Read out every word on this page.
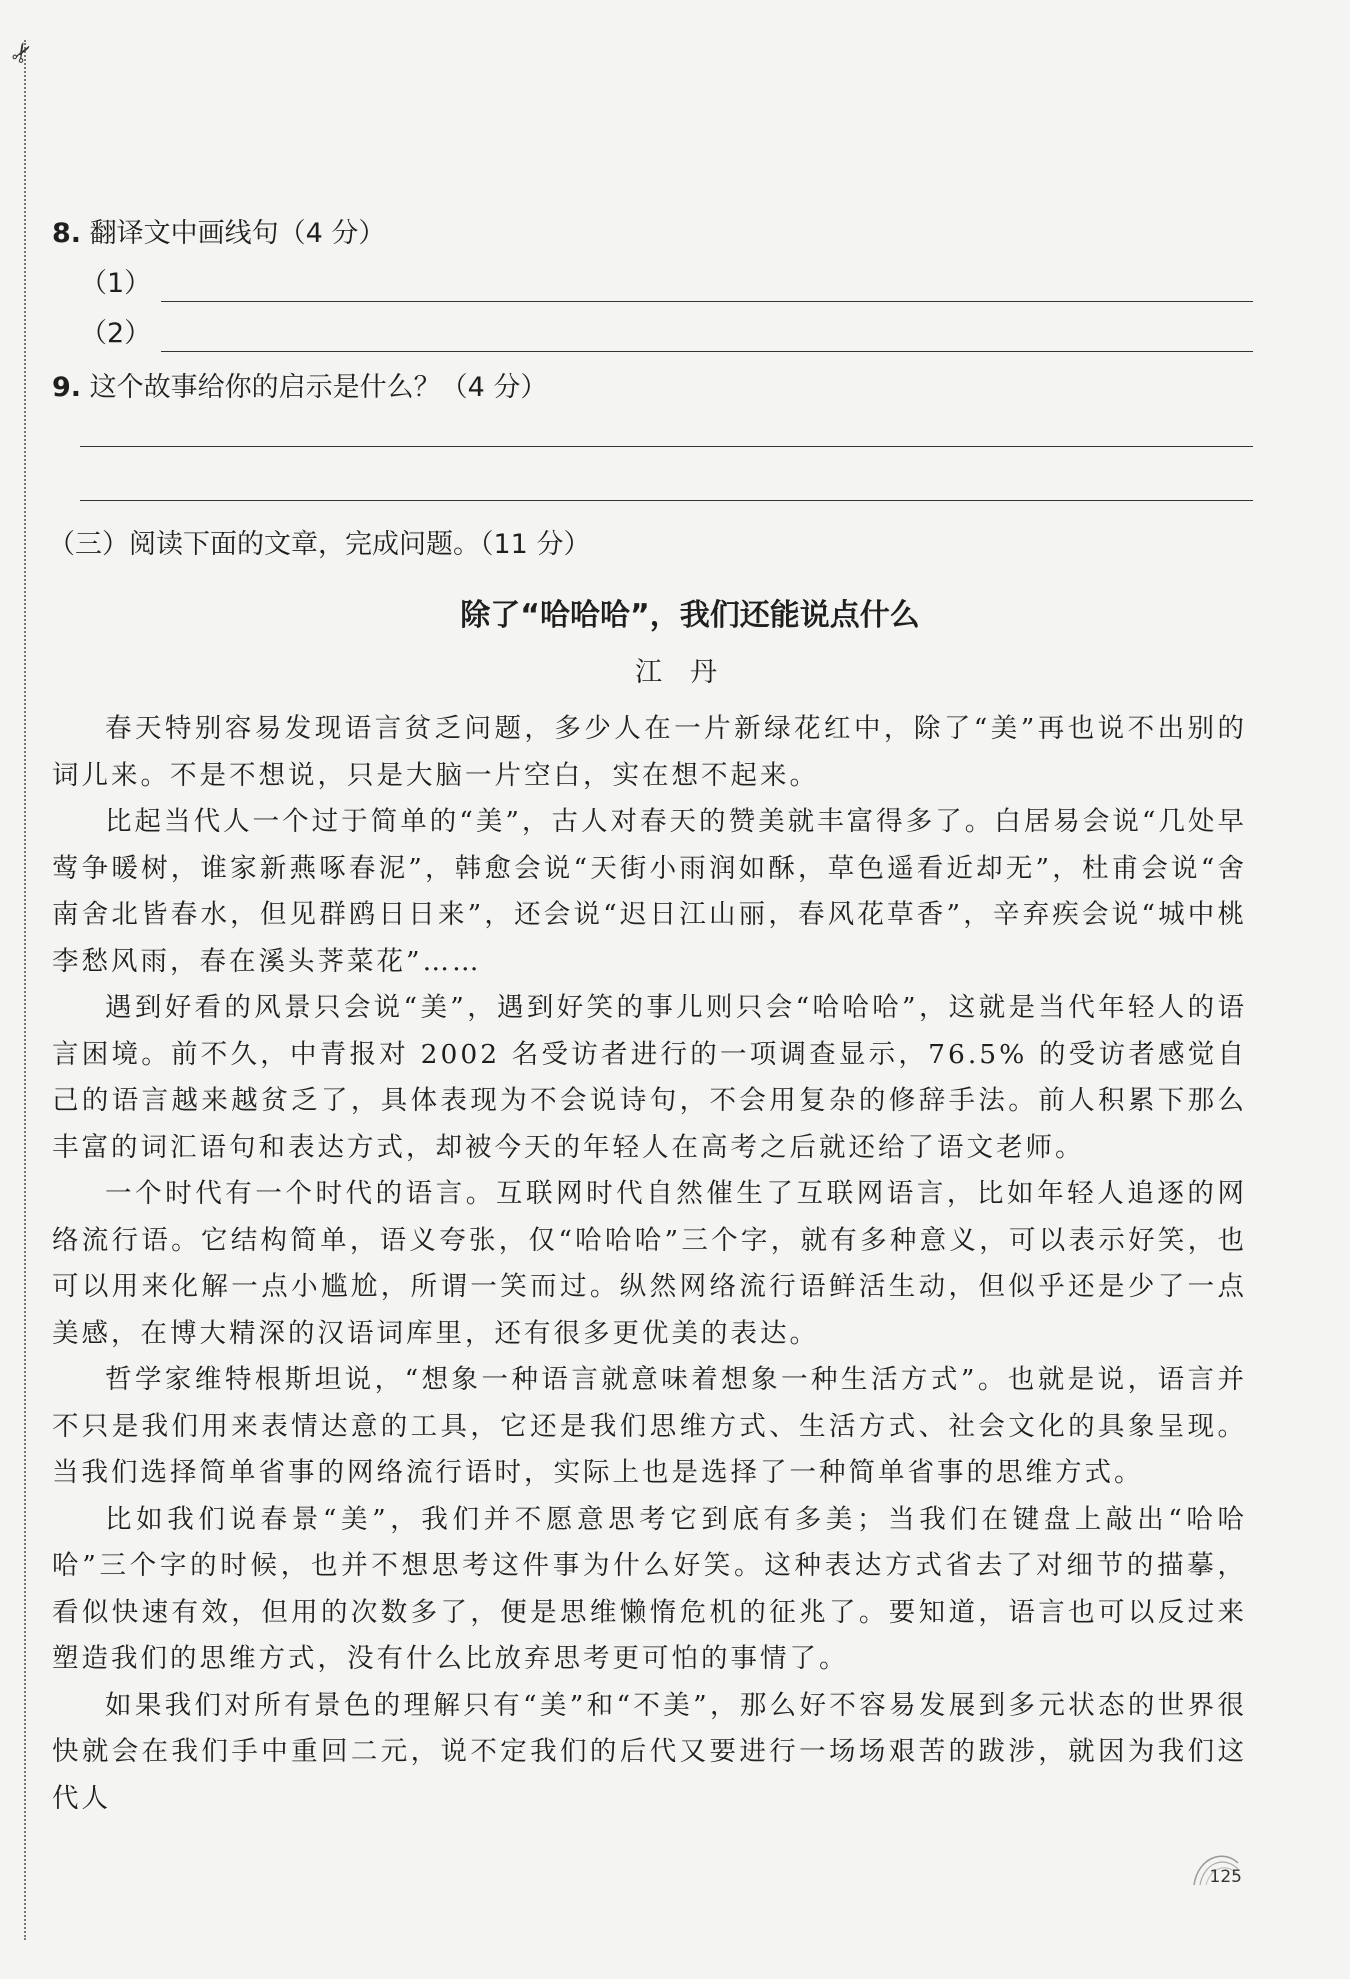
✂
8. 翻译文中画线句（4 分）
（1）
（2）
9. 这个故事给你的启示是什么？（4 分）
（三）阅读下面的文章，完成问题。（11 分）
除了“哈哈哈”，我们还能说点什么
江丹

春天特别容易发现语言贫乏问题，多少人在一片新绿花红中，除了“美”再也说不出别的词儿来。不是不想说，只是大脑一片空白，实在想不起来。

比起当代人一个过于简单的“美”，古人对春天的赞美就丰富得多了。白居易会说“几处早莺争暖树，谁家新燕啄春泥”，韩愈会说“天街小雨润如酥，草色遥看近却无”，杜甫会说“舍南舍北皆春水，但见群鸥日日来”，还会说“迟日江山丽，春风花草香”，辛弃疾会说“城中桃李愁风雨，春在溪头荠菜花”……

遇到好看的风景只会说“美”，遇到好笑的事儿则只会“哈哈哈”，这就是当代年轻人的语言困境。前不久，中青报对 2002 名受访者进行的一项调查显示，76.5% 的受访者感觉自己的语言越来越贫乏了，具体表现为不会说诗句，不会用复杂的修辞手法。前人积累下那么丰富的词汇语句和表达方式，却被今天的年轻人在高考之后就还给了语文老师。

一个时代有一个时代的语言。互联网时代自然催生了互联网语言，比如年轻人追逐的网络流行语。它结构简单，语义夸张，仅“哈哈哈”三个字，就有多种意义，可以表示好笑，也可以用来化解一点小尴尬，所谓一笑而过。纵然网络流行语鲜活生动，但似乎还是少了一点美感，在博大精深的汉语词库里，还有很多更优美的表达。

哲学家维特根斯坦说，“想象一种语言就意味着想象一种生活方式”。也就是说，语言并不只是我们用来表情达意的工具，它还是我们思维方式、生活方式、社会文化的具象呈现。当我们选择简单省事的网络流行语时，实际上也是选择了一种简单省事的思维方式。

比如我们说春景“美”，我们并不愿意思考它到底有多美；当我们在键盘上敲出“哈哈哈”三个字的时候，也并不想思考这件事为什么好笑。这种表达方式省去了对细节的描摹，看似快速有效，但用的次数多了，便是思维懒惰危机的征兆了。要知道，语言也可以反过来塑造我们的思维方式，没有什么比放弃思考更可怕的事情了。

如果我们对所有景色的理解只有“美”和“不美”，那么好不容易发展到多元状态的世界很快就会在我们手中重回二元，说不定我们的后代又要进行一场场艰苦的跋涉，就因为我们这代人

125
